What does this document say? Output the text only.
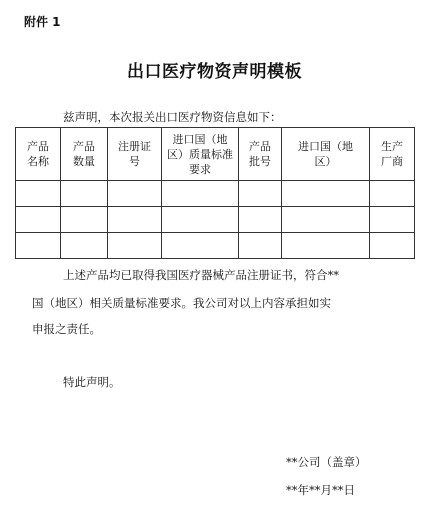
附件 1
出口医疗物资声明模板
兹声明，本次报关出口医疗物资信息如下：
产品名称	产品数量	注册证号	进口国（地区）质量标准要求	产品批号	进口国（地区）	生产厂商

上述产品均已取得我国医疗器械产品注册证书，符合**
国（地区）相关质量标准要求。我公司对以上内容承担如实
申报之责任。
特此声明。
**公司（盖章）
**年**月**日
